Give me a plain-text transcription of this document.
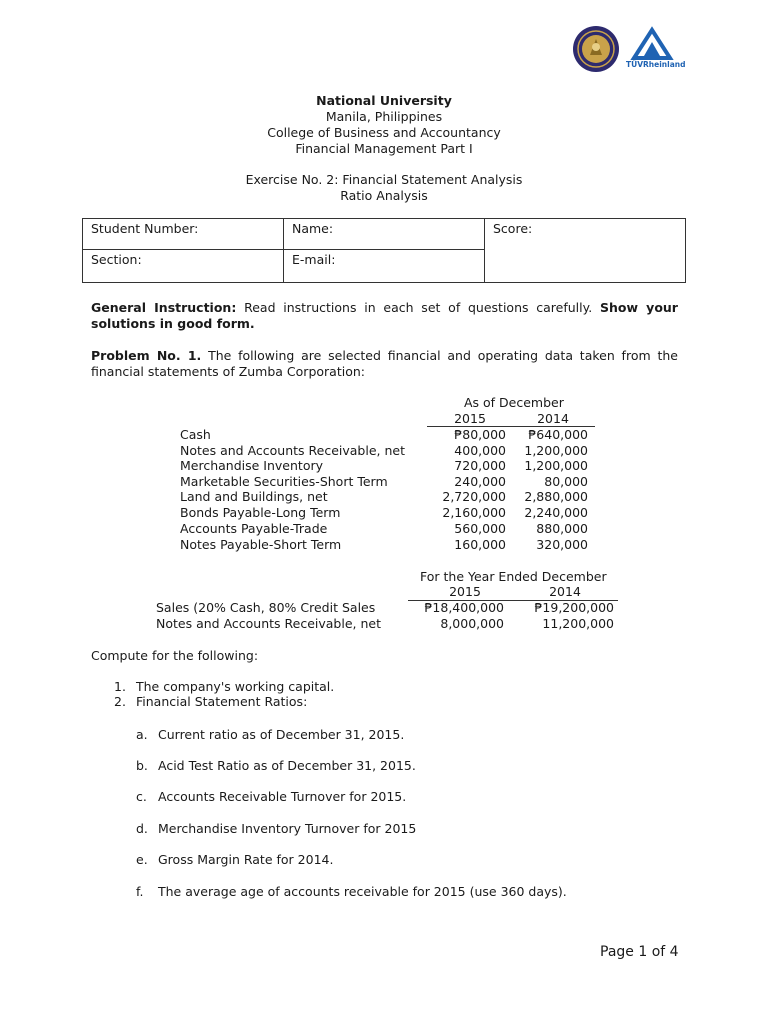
TÜVRheinland
National University
Manila, Philippines
College of Business and Accountancy
Financial Management Part I
Exercise No. 2: Financial Statement Analysis
Ratio Analysis
Student Number:	Name:	Score:
Section:	E-mail:	
General Instruction: Read instructions in each set of questions carefully. Show your solutions in good form.
Problem No. 1. The following are selected financial and operating data taken from the financial statements of Zumba Corporation:
As of December
2015	2014
Cash	₱80,000 ₱640,000
Notes and Accounts Receivable, net	400,000 1,200,000
Merchandise Inventory	720,000 1,200,000
Marketable Securities-Short Term	240,000	80,000
Land and Buildings, net	2,720,000 2,880,000
Bonds Payable-Long Term	2,160,000 2,240,000
Accounts Payable-Trade	560,000 880,000
Notes Payable-Short Term	160,000 320,000
For the Year Ended December
2015	2014
Sales (20% Cash, 80% Credit Sales	₱18,400,000 ₱19,200,000
Notes and Accounts Receivable, net	8,000,000	11,200,000
Compute for the following:
1. The company's working capital.
2. Financial Statement Ratios:
a. Current ratio as of December 31, 2015.
b. Acid Test Ratio as of December 31, 2015.
c. Accounts Receivable Turnover for 2015.
d. Merchandise Inventory Turnover for 2015
e. Gross Margin Rate for 2014.
f. The average age of accounts receivable for 2015 (use 360 days).
Page 1 of 4
